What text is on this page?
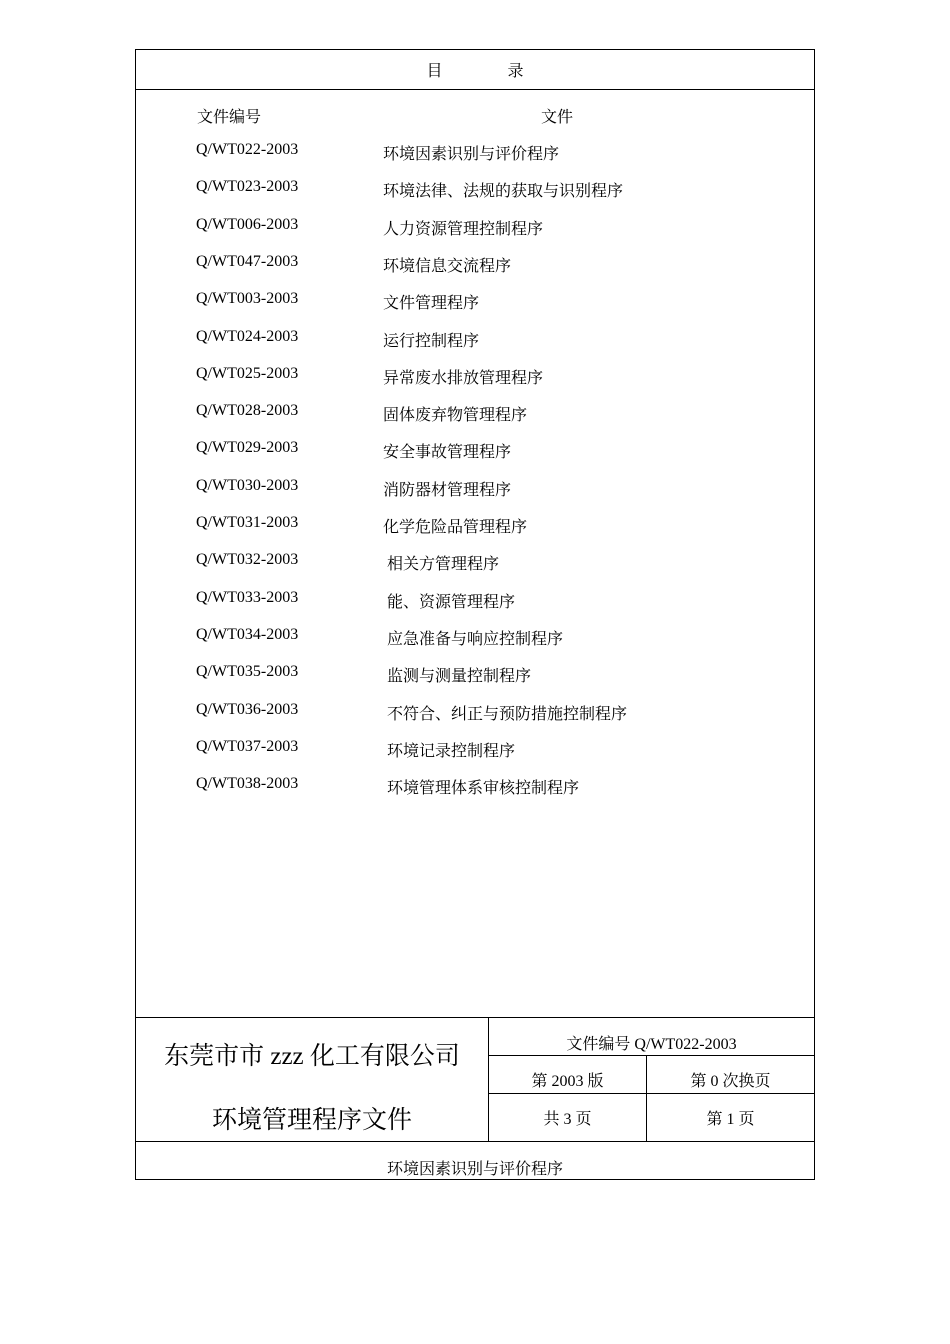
目	录
文件编号	文件
Q/WT022-2003	环境因素识别与评价程序
Q/WT023-2003	环境法律、法规的获取与识别程序
Q/WT006-2003	人力资源管理控制程序
Q/WT047-2003	环境信息交流程序
Q/WT003-2003	文件管理程序
Q/WT024-2003	运行控制程序
Q/WT025-2003	异常废水排放管理程序
Q/WT028-2003	固体废弃物管理程序
Q/WT029-2003	安全事故管理程序
Q/WT030-2003	消防器材管理程序
Q/WT031-2003	化学危险品管理程序
Q/WT032-2003	相关方管理程序
Q/WT033-2003	能、资源管理程序
Q/WT034-2003	应急准备与响应控制程序
Q/WT035-2003	监测与测量控制程序
Q/WT036-2003	不符合、纠正与预防措施控制程序
Q/WT037-2003	环境记录控制程序
Q/WT038-2003	环境管理体系审核控制程序
东莞市市 zzz 化工有限公司
环境管理程序文件
文件编号 Q/WT022-2003
第 2003 版	第 0 次换页
共 3 页	第 1 页
环境因素识别与评价程序
